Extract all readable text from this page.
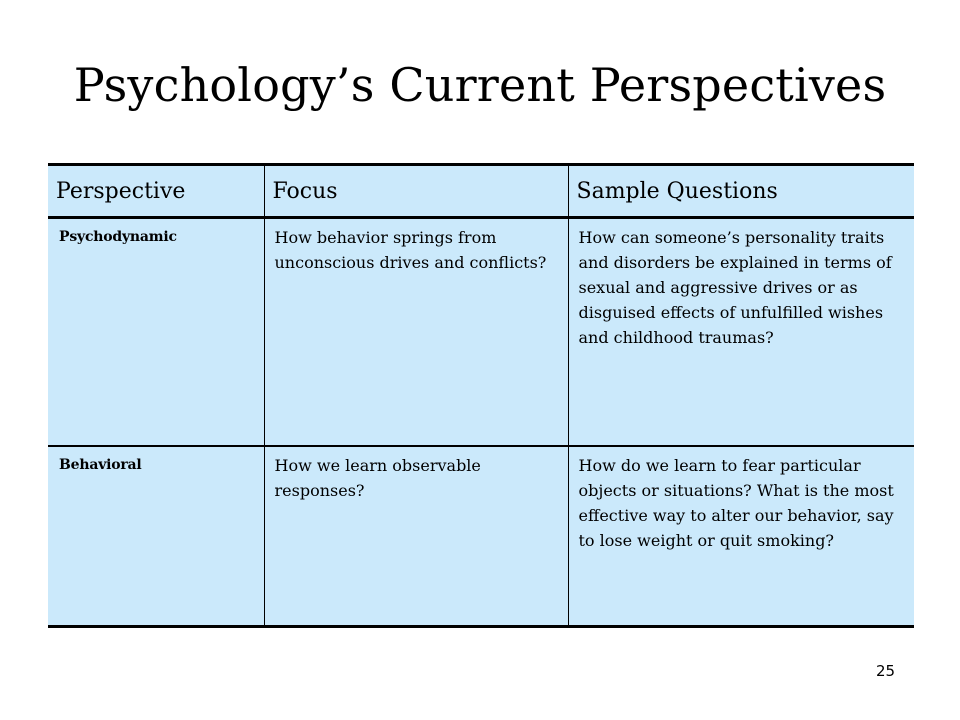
Psychology’s Current Perspectives
Perspective	Focus	Sample Questions
Psychodynamic	How behavior springs from unconscious drives and conflicts?	How can someone’s personality traits and disorders be explained in terms of sexual and aggressive drives or as disguised effects of unfulfilled wishes and childhood traumas?
Behavioral	How we learn observable responses?	How do we learn to fear particular objects or situations? What is the most effective way to alter our behavior, say to lose weight or quit smoking?
25
